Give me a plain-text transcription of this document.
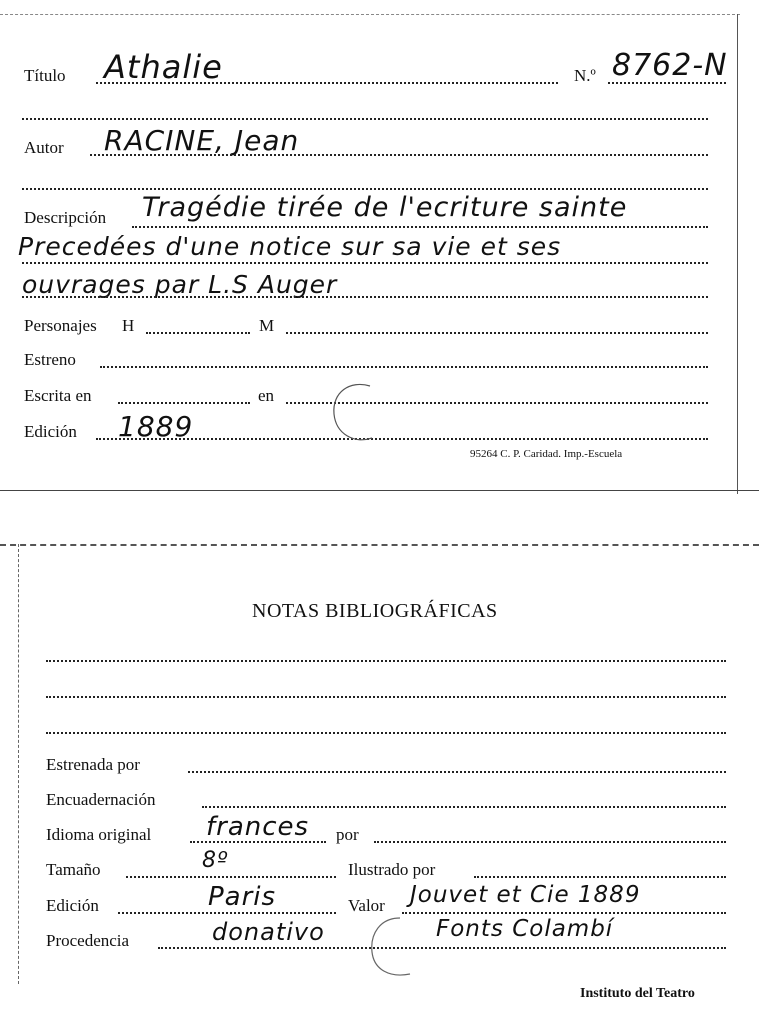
Título Athalie	N.º 8762-N
Autor RACINE, Jean
Descripción Tragédie tirée de l'ecriture sainte
Precedées d'une notice sur sa vie et ses
ouvrages par L.S Auger
Personajes H	M
Estreno
Escrita en	en
Edición 1889
95264 C. P. Caridad. Imp.-Escuela
NOTAS BIBLIOGRÁFICAS
Estrenada por
Encuadernación
Idioma original frances por
Tamaño	8º	Ilustrado por
Edición	Paris	Valor Jouvet et Cie 1889
Procedencia	donativo	Fonts Colambí
Instituto del Teatro
